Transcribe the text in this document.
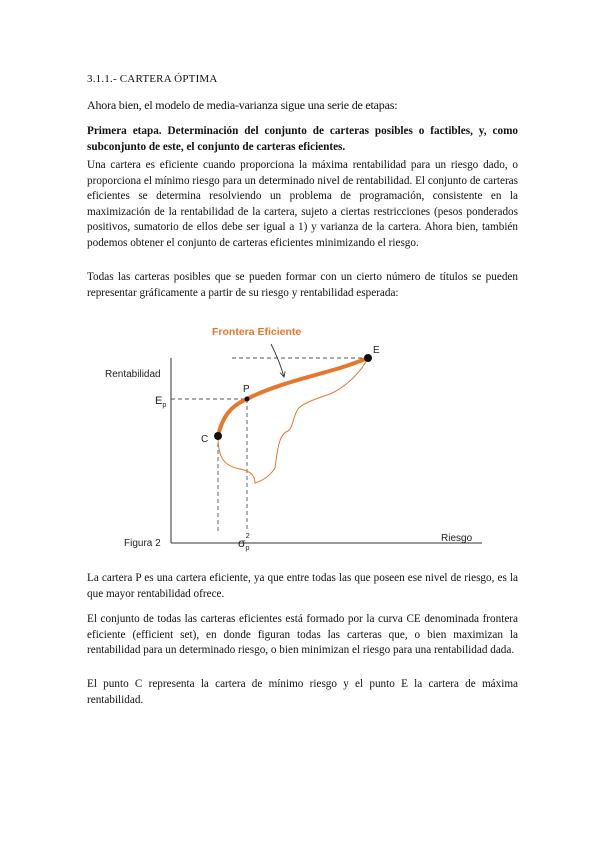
3.1.1.- CARTERA ÓPTIMA

Ahora bien, el modelo de media-varianza sigue una serie de etapas:

Primera etapa. Determinación del conjunto de carteras posibles o factibles, y, como subconjunto de este, el conjunto de carteras eficientes.

Una cartera es eficiente cuando proporciona la máxima rentabilidad para un riesgo dado, o proporciona el mínimo riesgo para un determinado nivel de rentabilidad. El conjunto de carteras eficientes se determina resolviendo un problema de programación, consistente en la maximización de la rentabilidad de la cartera, sujeto a ciertas restricciones (pesos ponderados positivos, sumatorio de ellos debe ser igual a 1) y varianza de la cartera. Ahora bien, también podemos obtener el conjunto de carteras eficientes minimizando el riesgo.

Todas las carteras posibles que se pueden formar con un cierto número de títulos se pueden representar gráficamente a partir de su riesgo y rentabilidad esperada:

Frontera Eficiente
Rentabilidad
Riesgo
Figura 2
C
P
E
$E_p$
$\sigma_p2$

La cartera P es una cartera eficiente, ya que entre todas las que poseen ese nivel de riesgo, es la que mayor rentabilidad ofrece.

El conjunto de todas las carteras eficientes está formado por la curva CE denominada frontera eficiente (efficient set), en donde figuran todas las carteras que, o bien maximizan la rentabilidad para un determinado riesgo, o bien minimizan el riesgo para una rentabilidad dada.

El punto C representa la cartera de mínimo riesgo y el punto E la cartera de máxima rentabilidad.
